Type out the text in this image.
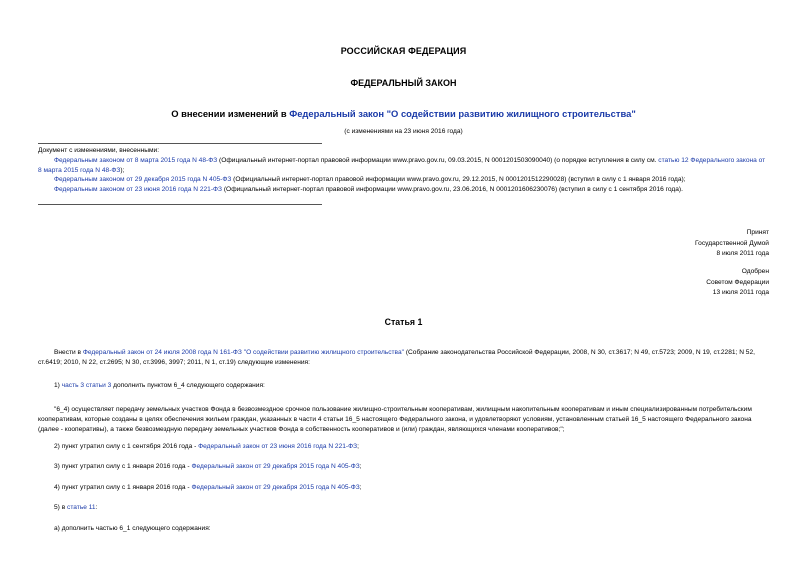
РОССИЙСКАЯ ФЕДЕРАЦИЯ
ФЕДЕРАЛЬНЫЙ ЗАКОН
О внесении изменений в Федеральный закон "О содействии развитию жилищного строительства"
(с изменениями на 23 июня 2016 года)
Документ с изменениями, внесенными:
Федеральным законом от 8 марта 2015 года N 48-ФЗ (Официальный интернет-портал правовой информации www.pravo.gov.ru, 09.03.2015, N 0001201503090040) (о порядке вступления в силу см. статью 12 Федерального закона от 8 марта 2015 года N 48-ФЗ);
Федеральным законом от 29 декабря 2015 года N 405-ФЗ (Официальный интернет-портал правовой информации www.pravo.gov.ru, 29.12.2015, N 0001201512290028) (вступил в силу с 1 января 2016 года);
Федеральным законом от 23 июня 2016 года N 221-ФЗ (Официальный интернет-портал правовой информации www.pravo.gov.ru, 23.06.2016, N 0001201606230076) (вступил в силу с 1 сентября 2016 года).
Принят
Государственной Думой
8 июля 2011 года
Одобрен
Советом Федерации
13 июля 2011 года
Статья 1
Внести в Федеральный закон от 24 июля 2008 года N 161-ФЗ "О содействии развитию жилищного строительства" (Собрание законодательства Российской Федерации, 2008, N 30, ст.3617; N 49, ст.5723; 2009, N 19, ст.2281; N 52, ст.6419; 2010, N 22, ст.2695; N 30, ст.3996, 3997; 2011, N 1, ст.19) следующие изменения:
1) часть 3 статьи 3 дополнить пунктом 6_4 следующего содержания:
"6_4) осуществляет передачу земельных участков Фонда в безвозмездное срочное пользование жилищно-строительным кооперативам, жилищным накопительным кооперативам и иным специализированным потребительским кооперативам, которые созданы в целях обеспечения жильем граждан, указанных в части 4 статьи 16_5 настоящего Федерального закона, и удовлетворяют условиям, установленным статьей 16_5 настоящего Федерального закона (далее - кооперативы), а также безвозмездную передачу земельных участков Фонда в собственность кооперативов и (или) граждан, являющихся членами кооперативов;";
2) пункт утратил силу с 1 сентября 2016 года - Федеральный закон от 23 июня 2016 года N 221-ФЗ;
3) пункт утратил силу с 1 января 2016 года - Федеральный закон от 29 декабря 2015 года N 405-ФЗ;
4) пункт утратил силу с 1 января 2016 года - Федеральный закон от 29 декабря 2015 года N 405-ФЗ;
5) в статье 11:
а) дополнить частью 6_1 следующего содержания:
